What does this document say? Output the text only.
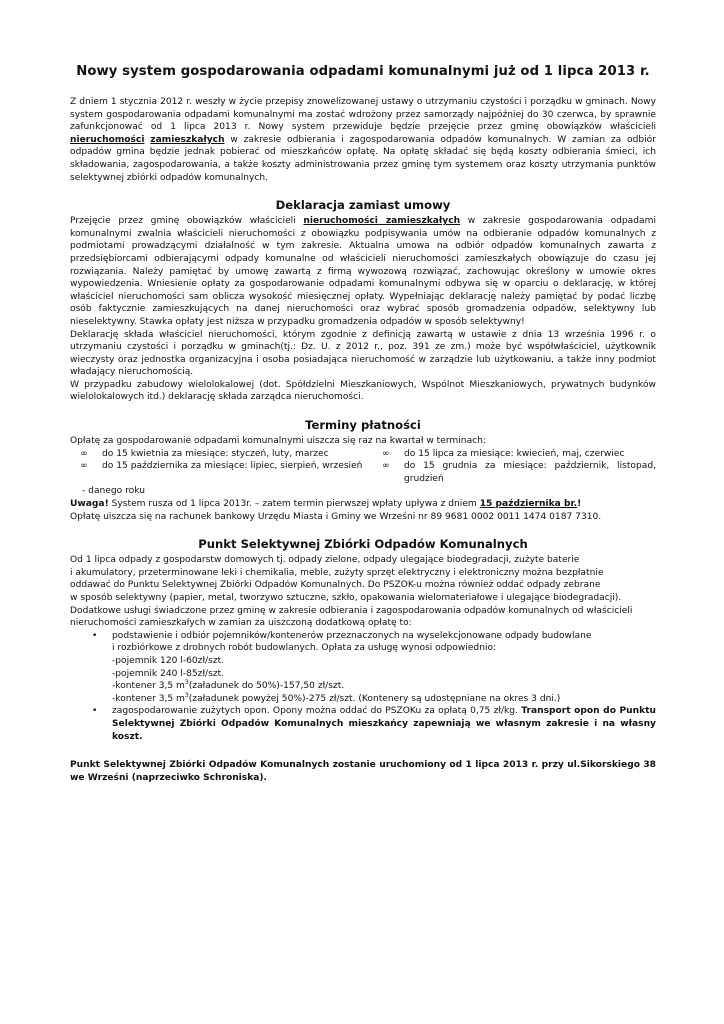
Nowy system gospodarowania odpadami komunalnymi już od 1 lipca 2013 r.

Z dniem 1 stycznia 2012 r. weszły w życie przepisy znowelizowanej ustawy o utrzymaniu czystości i porządku w gminach. Nowy system gospodarowania odpadami komunalnymi ma zostać wdrożony przez samorządy najpóźniej do 30 czerwca, by sprawnie zafunkcjonować od 1 lipca 2013 r. Nowy system przewiduje będzie przejęcie przez gminę obowiązków właścicieli nieruchomości zamieszkałych w zakresie odbierania i zagospodarowania odpadów komunalnych. W zamian za odbiór odpadów gmina będzie jednak pobierać od mieszkańców opłatę. Na opłatę składać się będą koszty odbierania śmieci, ich składowania, zagospodarowania, a także koszty administrowania przez gminę tym systemem oraz koszty utrzymania punktów selektywnej zbiórki odpadów komunalnych.

Deklaracja zamiast umowy

Przejęcie przez gminę obowiązków właścicieli nieruchomości zamieszkałych w zakresie gospodarowania odpadami komunalnymi zwalnia właścicieli nieruchomości z obowiązku podpisywania umów na odbieranie odpadów komunalnych z podmiotami prowadzącymi działalność w tym zakresie. Aktualna umowa na odbiór odpadów komunalnych zawarta z przedsiębiorcami odbierającymi odpady komunalne od właścicieli nieruchomości zamieszkałych obowiązuje do czasu jej rozwiązania. Należy pamiętać by umowę zawartą z firmą wywozową rozwiązać, zachowując określony w umowie okres wypowiedzenia. Wniesienie opłaty za gospodarowanie odpadami komunalnymi odbywa się w oparciu o deklarację, w której właściciel nieruchomości sam oblicza wysokość miesięcznej opłaty. Wypełniając deklarację należy pamiętać by podać liczbę osób faktycznie zamieszkujących na danej nieruchomości oraz wybrać sposób gromadzenia odpadów, selektywny lub nieselektywny. Stawka opłaty jest niższa w przypadku gromadzenia odpadów w sposób selektywny!

Deklarację składa właściciel nieruchomości, którym zgodnie z definicją zawartą w ustawie z dnia 13 września 1996 r. o utrzymaniu czystości i porządku w gminach(tj.: Dz. U. z 2012 r., poz. 391 ze zm.) może być współwłaściciel, użytkownik wieczysty oraz jednostka organizacyjna i osoba posiadająca nieruchomość w zarządzie lub użytkowaniu, a także inny podmiot władający nieruchomością.

W przypadku zabudowy wielolokalowej (dot. Spółdzielni Mieszkaniowych, Wspólnot Mieszkaniowych, prywatnych budynków wielolokalowych itd.) deklarację składa zarządca nieruchomości.

Terminy płatności

Opłatę za gospodarowanie odpadami komunalnymi uiszcza się raz na kwartał w terminach:

∞	do 15 kwietnia za miesiące: styczeń, luty, marzec
∞	do 15 października za miesiące: lipiec, sierpień, wrzesień
∞	do 15 lipca za miesiące: kwiecień, maj, czerwiec
∞	do 15 grudnia za miesiące: październik, listopad, grudzień

- danego roku

Uwaga! System rusza od 1 lipca 2013r. – zatem termin pierwszej wpłaty upływa z dniem 15 października br.!

Opłatę uiszcza się na rachunek bankowy Urzędu Miasta i Gminy we Wrześni nr 89 9681 0002 0011 1474 0187 7310.

Punkt Selektywnej Zbiórki Odpadów Komunalnych

Od 1 lipca odpady z gospodarstw domowych tj. odpady zielone, odpady ulegające biodegradacji, zużyte baterie

i akumulatory, przeterminowane leki i chemikalia, meble, zużyty sprzęt elektryczny i elektroniczny można bezpłatnie

oddawać do Punktu Selektywnej Zbiórki Odpadów Komunalnych. Do PSZOK-u można również oddać odpady zebrane

w sposób selektywny (papier, metal, tworzywo sztuczne, szkło, opakowania wielomateriałowe i ulegające biodegradacji).

Dodatkowe usługi świadczone przez gminę w zakresie odbierania i zagospodarowania odpadów komunalnych od właścicieli

nieruchomości zamieszkałych w zamian za uiszczoną dodatkową opłatę to:

•	podstawienie i odbiór pojemników/kontenerów przeznaczonych na wyselekcjonowane odpady budowlane
i rozbiórkowe z drobnych robót budowlanych. Opłata za usługę wynosi odpowiednio:
-pojemnik 120 l-60zł/szt.
-pojemnik 240 l-85zł/szt.
-kontener 3,5 $m^3(załadunek$ do 50%)-157,50 zł/szt.
-kontener 3,5 $m^3(załadunek$ powyżej 50%)-275 zł/szt. (Kontenery są udostępniane na okres 3 dni.)
•	zagospodarowanie zużytych opon. Opony można oddać do PSZOKu za opłatą 0,75 zł/kg. Transport opon do Punktu Selektywnej Zbiórki Odpadów Komunalnych mieszkańcy zapewniają we własnym zakresie i na własny koszt.

Punkt Selektywnej Zbiórki Odpadów Komunalnych zostanie uruchomiony od 1 lipca 2013 r. przy ul.Sikorskiego 38 we Wrześni (naprzeciwko Schroniska).
